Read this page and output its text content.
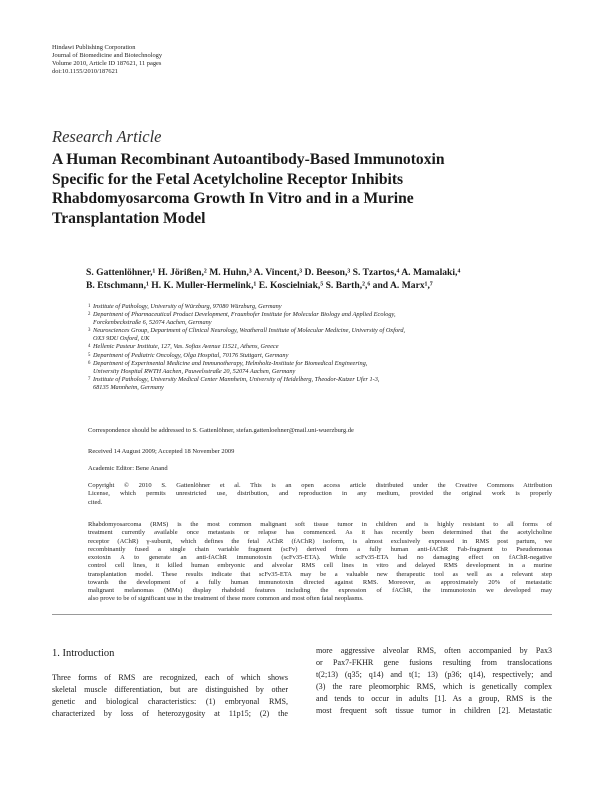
Hindawi Publishing Corporation
Journal of Biomedicine and Biotechnology
Volume 2010, Article ID 187621, 11 pages
doi:10.1155/2010/187621
Research Article
A Human Recombinant Autoantibody-Based Immunotoxin
Specific for the Fetal Acetylcholine Receptor Inhibits
Rhabdomyosarcoma Growth In Vitro and in a Murine
Transplantation Model
S. Gattenlöhner,¹ H. Jörißen,² M. Huhn,³ A. Vincent,³ D. Beeson,³ S. Tzartos,⁴ A. Mamalaki,⁴
B. Etschmann,¹ H. K. Muller-Hermelink,¹ E. Koscielniak,⁵ S. Barth,²,⁶ and A. Marx¹,⁷
1 Institute of Pathology, University of Würzburg, 97080 Würzburg, Germany
2 Department of Pharmaceutical Product Development, Fraunhofer Institute for Molecular Biology and Applied Ecology,
Forckenbeckstraße 6, 52074 Aachen, Germany
3 Neurosciences Group, Department of Clinical Neurology, Weatherall Institute of Molecular Medicine, University of Oxford,
OX3 9DU Oxford, UK
4 Hellenic Pasteur Institute, 127, Vas. Sofias Avenue 11521, Athens, Greece
5 Department of Pediatric Oncology, Olga Hospital, 70176 Stuttgart, Germany
6 Department of Experimental Medicine and Immunotherapy, Helmholtz-Institute for Biomedical Engineering,
University Hospital RWTH Aachen, Pauwelsstraße 20, 52074 Aachen, Germany
7 Institute of Pathology, University Medical Center Mannheim, University of Heidelberg, Theodor-Kutzer Ufer 1-3,
68135 Mannheim, Germany
Correspondence should be addressed to S. Gattenlöhner, stefan.gattenloehner@mail.uni-wuerzburg.de
Received 14 August 2009; Accepted 18 November 2009
Academic Editor: Bene Anand
Copyright © 2010 S. Gattenlöhner et al. This is an open access article distributed under the Creative Commons Attribution
License, which permits unrestricted use, distribution, and reproduction in any medium, provided the original work is properly
cited.
Rhabdomyosarcoma (RMS) is the most common malignant soft tissue tumor in children and is highly resistant to all forms of
treatment currently available once metastasis or relapse has commenced. As it has recently been determined that the acetylcholine
receptor (AChR) γ-subunit, which defines the fetal AChR (fAChR) isoform, is almost exclusively expressed in RMS post partum, we
recombinantly fused a single chain variable fragment (scFv) derived from a fully human anti-fAChR Fab-fragment to Pseudomonas
exotoxin A to generate an anti-fAChR immunotoxin (scFv35-ETA). While scFv35-ETA had no damaging effect on fAChR-negative
control cell lines, it killed human embryonic and alveolar RMS cell lines in vitro and delayed RMS development in a murine
transplantation model. These results indicate that scFv35-ETA may be a valuable new therapeutic tool as well as a relevant step
towards the development of a fully human immunotoxin directed against RMS. Moreover, as approximately 20% of metastatic
malignant melanomas (MMs) display rhabdoid features including the expression of fAChR, the immunotoxin we developed may
also prove to be of significant use in the treatment of these more common and most often fatal neoplasms.
1. Introduction
Three forms of RMS are recognized, each of which shows
skeletal muscle differentiation, but are distinguished by other
genetic and biological characteristics: (1) embryonal RMS,
characterized by loss of heterozygosity at 11p15; (2) the
more aggressive alveolar RMS, often accompanied by Pax3
or Pax7-FKHR gene fusions resulting from translocations
t(2;13) (q35; q14) and t(1; 13) (p36; q14), respectively; and
(3) the rare pleomorphic RMS, which is genetically complex
and tends to occur in adults [1]. As a group, RMS is the
most frequent soft tissue tumor in children [2]. Metastatic
